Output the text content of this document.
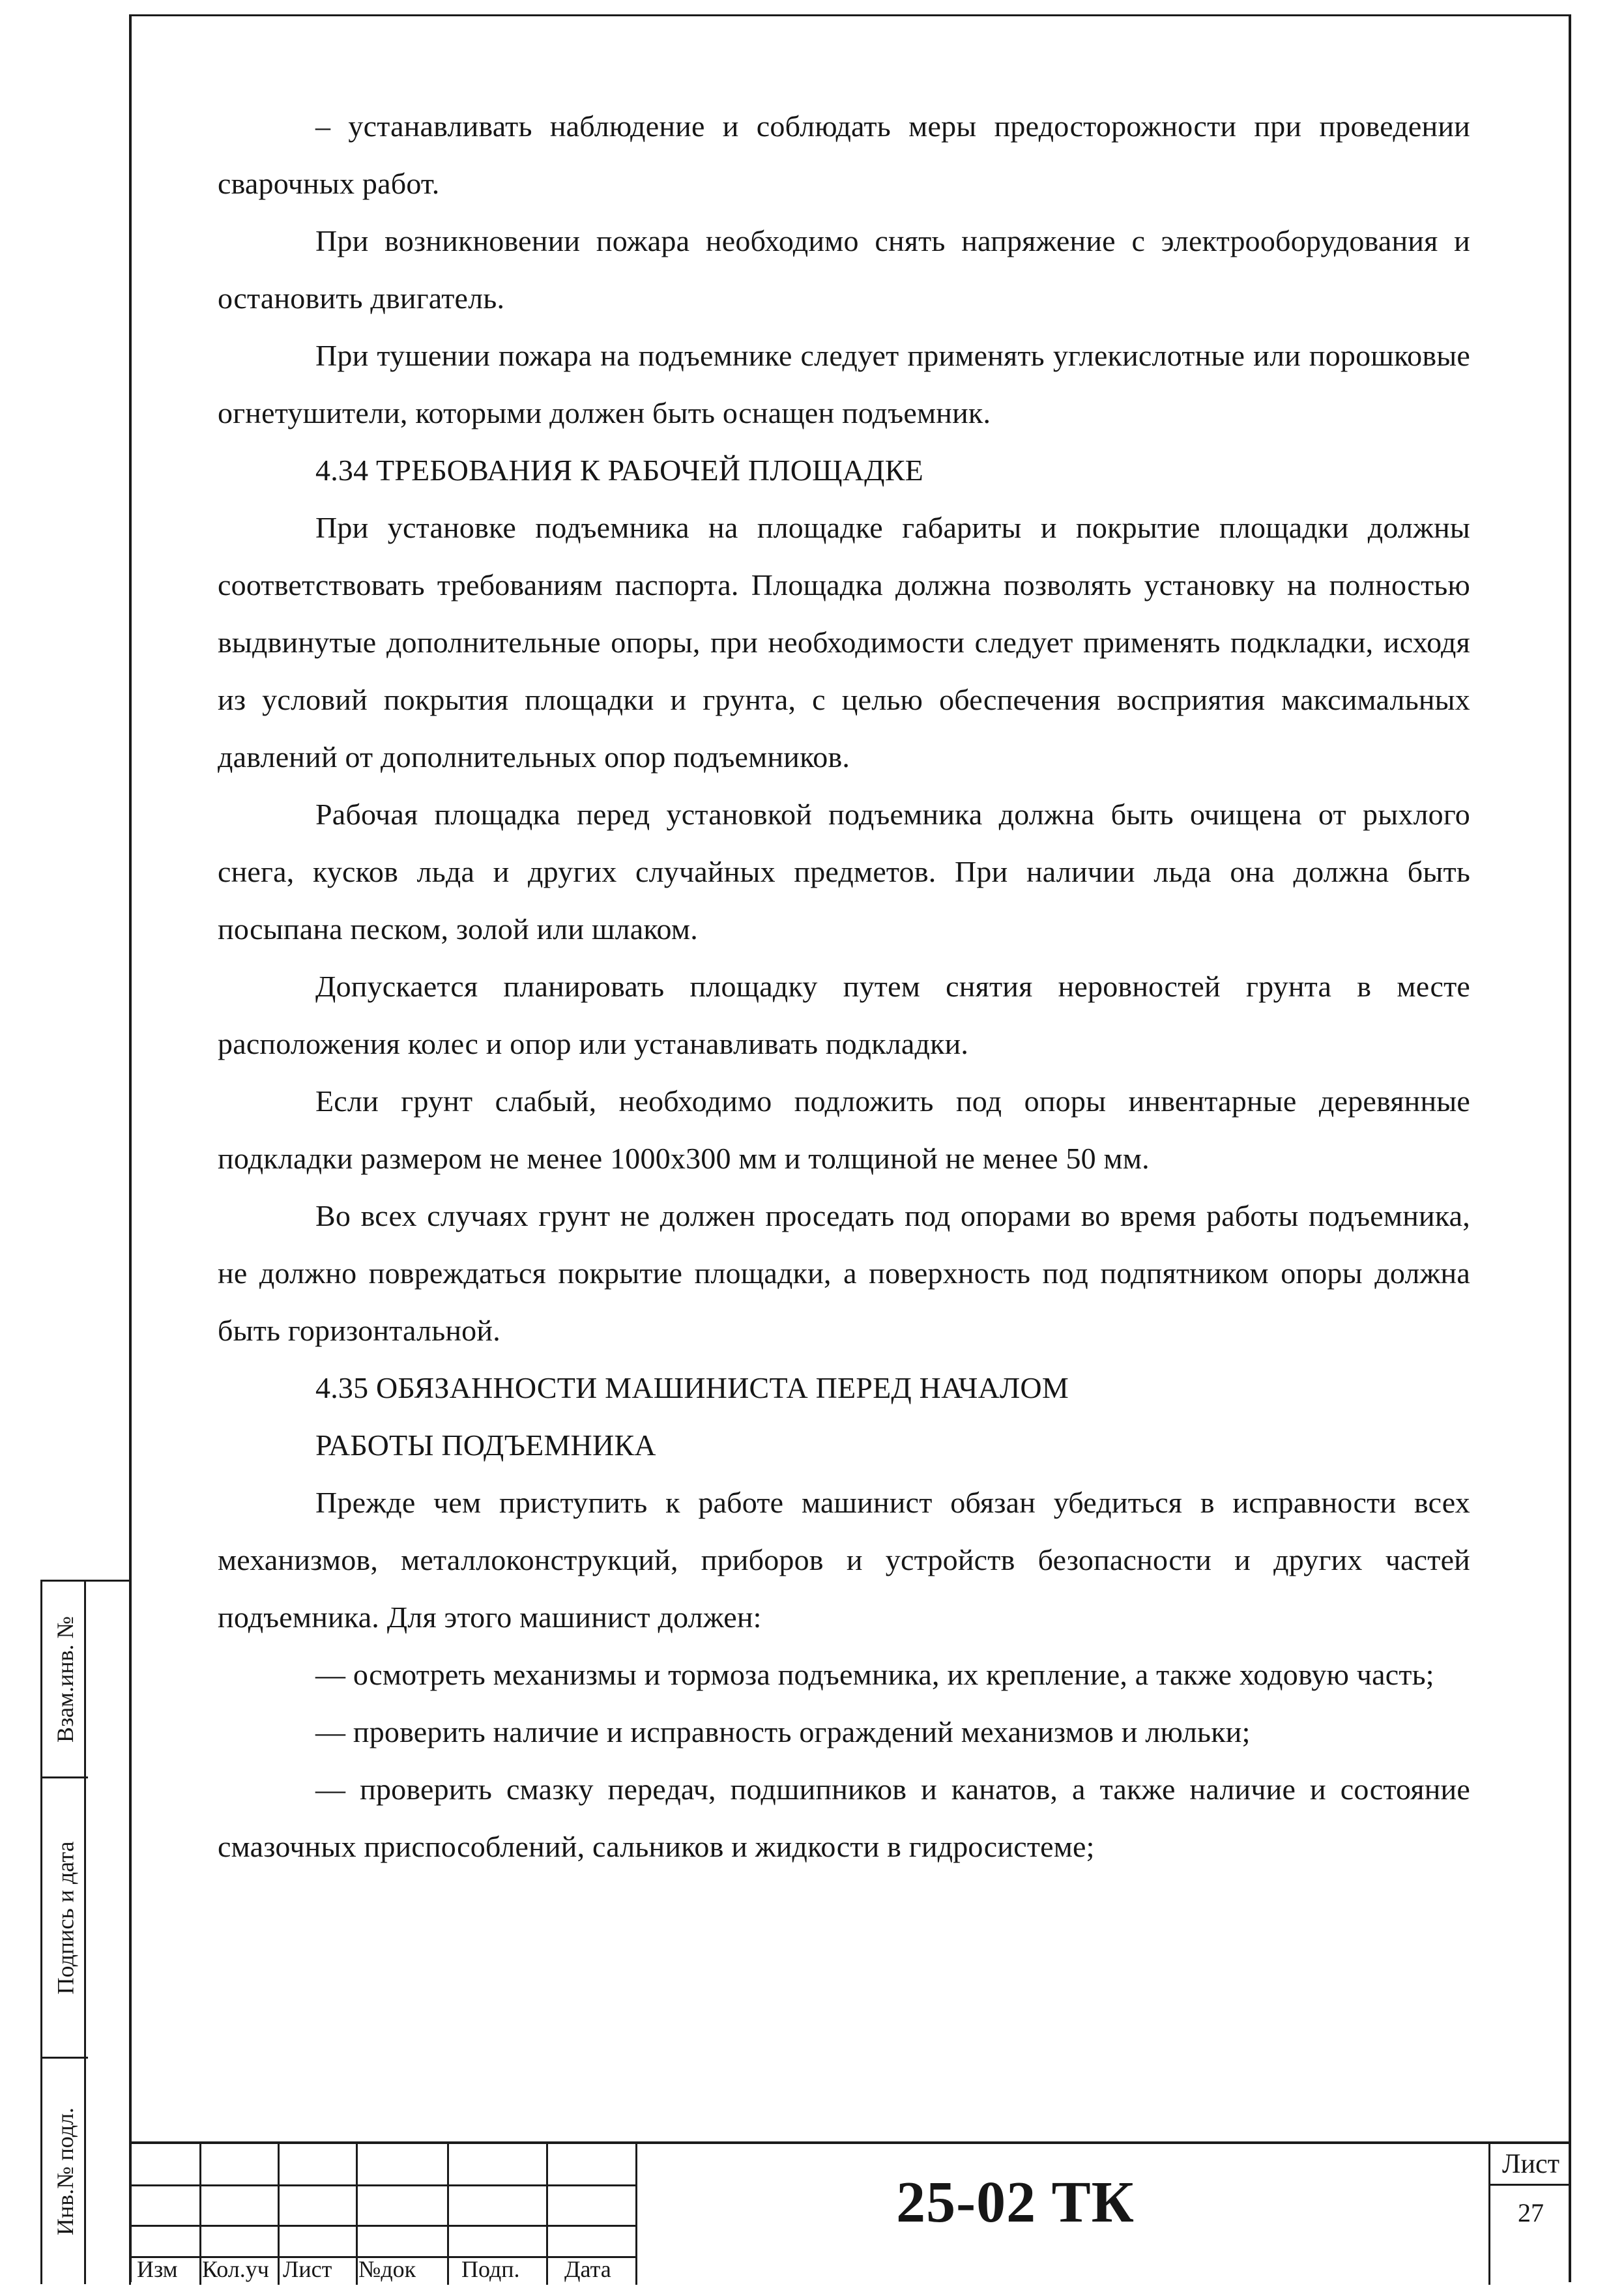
– устанавливать наблюдение и соблюдать меры предосторожности при проведении сварочных работ.

При возникновении пожара необходимо снять напряжение с электрооборудования и остановить двигатель.

При тушении пожара на подъемнике следует применять углекислотные или порошковые огнетушители, которыми должен быть оснащен подъемник.

4.34 ТРЕБОВАНИЯ К РАБОЧЕЙ ПЛОЩАДКЕ

При установке подъемника на площадке габариты и покрытие площадки должны соответствовать требованиям паспорта. Площадка должна позволять установку на полностью выдвинутые дополнительные опоры, при необходимости следует применять подкладки, исходя из условий покрытия площадки и грунта, с целью обеспечения восприятия максимальных давлений от дополнительных опор подъемников.

Рабочая площадка перед установкой подъемника должна быть очищена от рыхлого снега, кусков льда и других случайных предметов. При наличии льда она должна быть посыпана песком, золой или шлаком.

Допускается планировать площадку путем снятия неровностей грунта в месте расположения колес и опор или устанавливать подкладки.

Если грунт слабый, необходимо подложить под опоры инвентарные деревянные подкладки размером не менее 1000х300 мм и толщиной не менее 50 мм.

Во всех случаях грунт не должен проседать под опорами во время работы подъемника, не должно повреждаться покрытие площадки, а поверхность под подпятником опоры должна быть горизонтальной.

4.35 ОБЯЗАННОСТИ МАШИНИСТА ПЕРЕД НАЧАЛОМ

РАБОТЫ ПОДЪЕМНИКА

Прежде чем приступить к работе машинист обязан убедиться в исправности всех механизмов, металлоконструкций, приборов и устройств безопасности и других частей подъемника. Для этого машинист должен:

— осмотреть механизмы и тормоза подъемника, их крепление, а также ходовую часть;

— проверить наличие и исправность ограждений механизмов и люльки;

— проверить смазку передач, подшипников и канатов, а также наличие и состояние смазочных приспособлений, сальников и жидкости в гидросистеме;

Взам.инв. №
Подпись и дата
Инв.№ подл.
Изм Кол.уч Лист №док Подп. Дата
25-02 ТК
Лист
27
